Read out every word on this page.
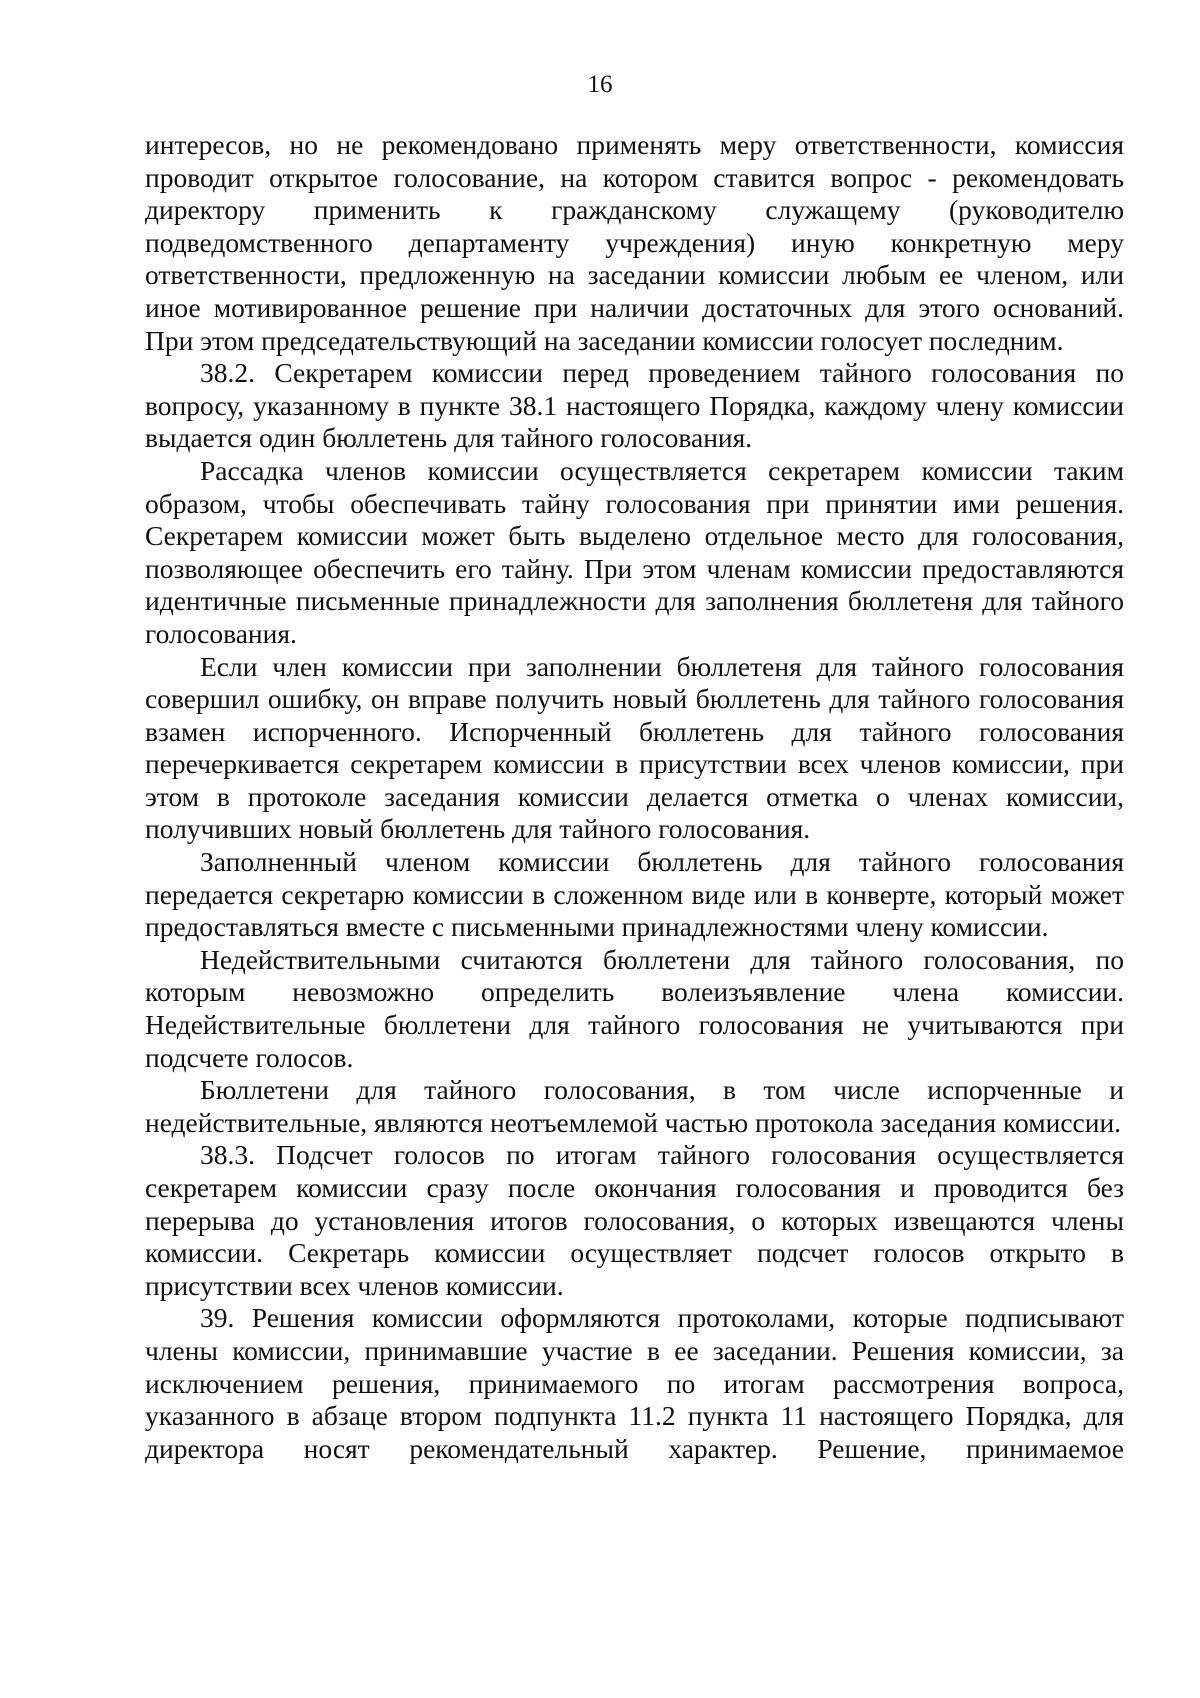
16

интересов, но не рекомендовано применять меру ответственности, комиссия проводит открытое голосование, на котором ставится вопрос - рекомендовать директору применить к гражданскому служащему (руководителю подведомственного департаменту учреждения) иную конкретную меру ответственности, предложенную на заседании комиссии любым ее членом, или иное мотивированное решение при наличии достаточных для этого оснований. При этом председательствующий на заседании комиссии голосует последним.

38.2. Секретарем комиссии перед проведением тайного голосования по вопросу, указанному в пункте 38.1 настоящего Порядка, каждому члену комиссии выдается один бюллетень для тайного голосования.

Рассадка членов комиссии осуществляется секретарем комиссии таким образом, чтобы обеспечивать тайну голосования при принятии ими решения. Секретарем комиссии может быть выделено отдельное место для голосования, позволяющее обеспечить его тайну. При этом членам комиссии предоставляются идентичные письменные принадлежности для заполнения бюллетеня для тайного голосования.

Если член комиссии при заполнении бюллетеня для тайного голосования совершил ошибку, он вправе получить новый бюллетень для тайного голосования взамен испорченного. Испорченный бюллетень для тайного голосования перечеркивается секретарем комиссии в присутствии всех членов комиссии, при этом в протоколе заседания комиссии делается отметка о членах комиссии, получивших новый бюллетень для тайного голосования.

Заполненный членом комиссии бюллетень для тайного голосования передается секретарю комиссии в сложенном виде или в конверте, который может предоставляться вместе с письменными принадлежностями члену комиссии.

Недействительными считаются бюллетени для тайного голосования, по которым невозможно определить волеизъявление члена комиссии. Недействительные бюллетени для тайного голосования не учитываются при подсчете голосов.

Бюллетени для тайного голосования, в том числе испорченные и недействительные, являются неотъемлемой частью протокола заседания комиссии.

38.3. Подсчет голосов по итогам тайного голосования осуществляется секретарем комиссии сразу после окончания голосования и проводится без перерыва до установления итогов голосования, о которых извещаются члены комиссии. Секретарь комиссии осуществляет подсчет голосов открыто в присутствии всех членов комиссии.

39. Решения комиссии оформляются протоколами, которые подписывают члены комиссии, принимавшие участие в ее заседании. Решения комиссии, за исключением решения, принимаемого по итогам рассмотрения вопроса, указанного в абзаце втором подпункта 11.2 пункта 11 настоящего Порядка, для директора носят рекомендательный характер. Решение, принимаемое
